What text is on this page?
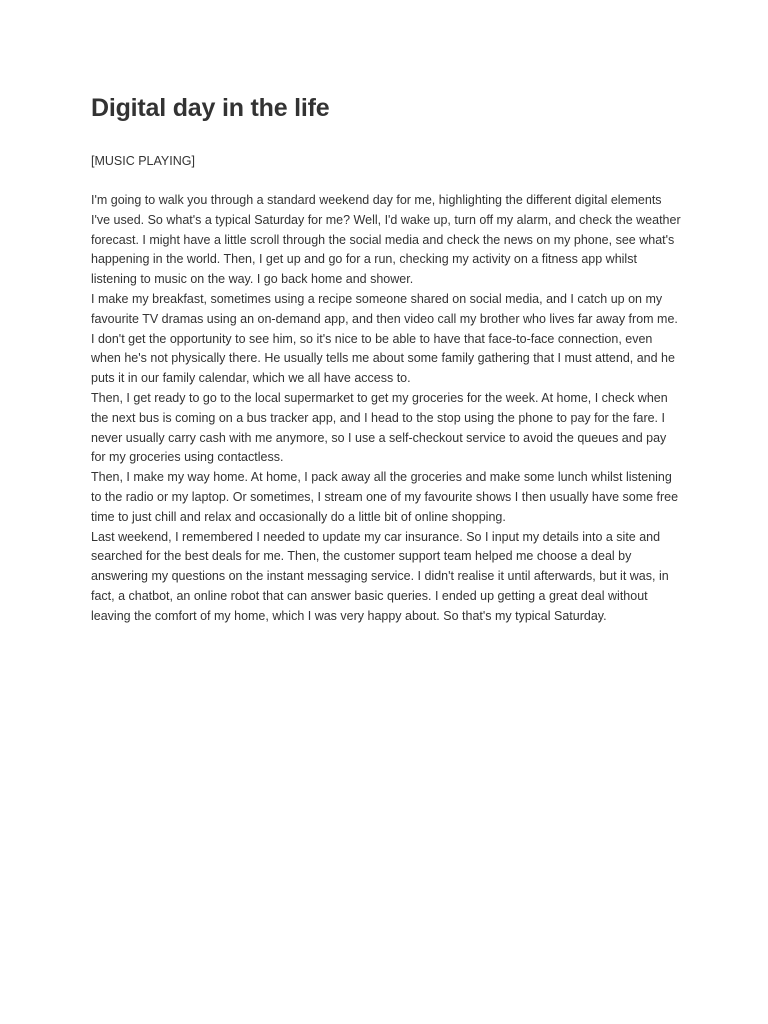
Digital day in the life

[MUSIC PLAYING]

I'm going to walk you through a standard weekend day for me, highlighting the different digital elements I've used. So what's a typical Saturday for me? Well, I'd wake up, turn off my alarm, and check the weather forecast. I might have a little scroll through the social media and check the news on my phone, see what's happening in the world. Then, I get up and go for a run, checking my activity on a fitness app whilst listening to music on the way. I go back home and shower.

I make my breakfast, sometimes using a recipe someone shared on social media, and I catch up on my favourite TV dramas using an on-demand app, and then video call my brother who lives far away from me. I don't get the opportunity to see him, so it's nice to be able to have that face-to-face connection, even when he's not physically there. He usually tells me about some family gathering that I must attend, and he puts it in our family calendar, which we all have access to.

Then, I get ready to go to the local supermarket to get my groceries for the week. At home, I check when the next bus is coming on a bus tracker app, and I head to the stop using the phone to pay for the fare. I never usually carry cash with me anymore, so I use a self-checkout service to avoid the queues and pay for my groceries using contactless.

Then, I make my way home. At home, I pack away all the groceries and make some lunch whilst listening to the radio or my laptop. Or sometimes, I stream one of my favourite shows I then usually have some free time to just chill and relax and occasionally do a little bit of online shopping.

Last weekend, I remembered I needed to update my car insurance. So I input my details into a site and searched for the best deals for me. Then, the customer support team helped me choose a deal by answering my questions on the instant messaging service. I didn't realise it until afterwards, but it was, in fact, a chatbot, an online robot that can answer basic queries. I ended up getting a great deal without leaving the comfort of my home, which I was very happy about. So that's my typical Saturday.
